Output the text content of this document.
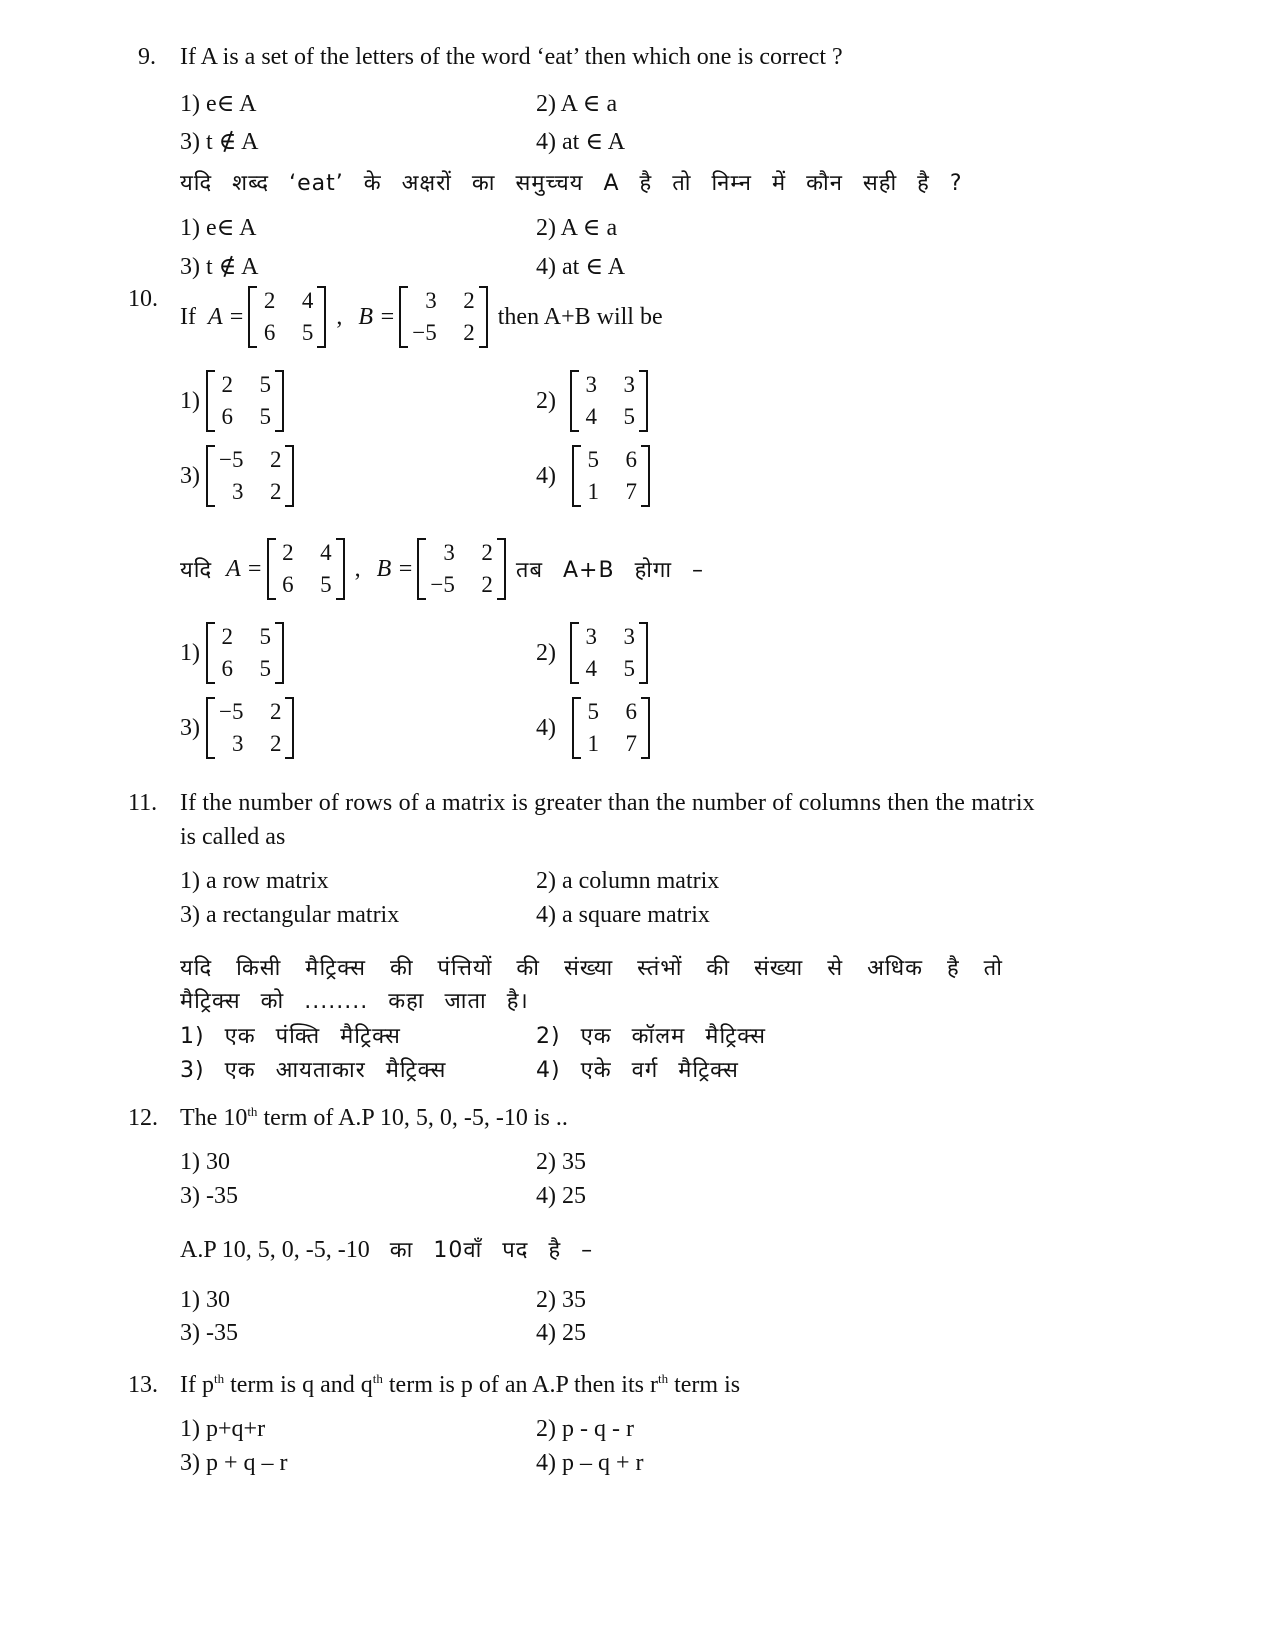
9. If A is a set of the letters of the word ‘eat’ then which one is correct ?
1) e∈ A	2) A ∈ a
3) t ∉ A	4) at ∈ A
यदि शब्द ‘eat’ के अक्षरों का समुच्चय A है तो निम्न में कौन सही है ?
1) e∈ A	2) A ∈ a
3) t ∉ A	4) at ∈ A
10.
If A =
2 4
6 5
, B =
3 2
−5 2
then A+B will be
1)
2 5
6 5
2)
3 3
4 5
3)
−5 2
3 2
4)
5 6
1 7
यदि A =
2 4
6 5
, B =
3 2
−5 2
तब A+B होगा –
1)
2 5
6 5
2)
3 3
4 5
3)
−5 2
3 2
4)
5 6
1 7
11. If the number of rows of a matrix is greater than the number of columns then the matrix
is called as
1) a row matrix	2) a column matrix
3) a rectangular matrix	4) a square matrix
यदि किसी मैट्रिक्स की पंत्तियों की संख्या स्तंभों की संख्या से अधिक है तो
मैट्रिक्स को ........ कहा जाता है।
1) एक पंक्ति मैट्रिक्स	2) एक कॉलम मैट्रिक्स
3) एक आयताकार मैट्रिक्स	4) एके वर्ग मैट्रिक्स
12. The 10th term of A.P 10, 5, 0, -5, -10 is ..
1) 30	2) 35
3) -35	4) 25
A.P 10, 5, 0, -5, -10 का 10वाँ पद है –
1) 30	2) 35
3) -35	4) 25
13. If $p^{th}$ term is q and $q^{th}$ term is p of an A.P then its $r^{th}$ term is
1) p+q+r	2) p - q - r
3) p + q – r	4) p – q + r
